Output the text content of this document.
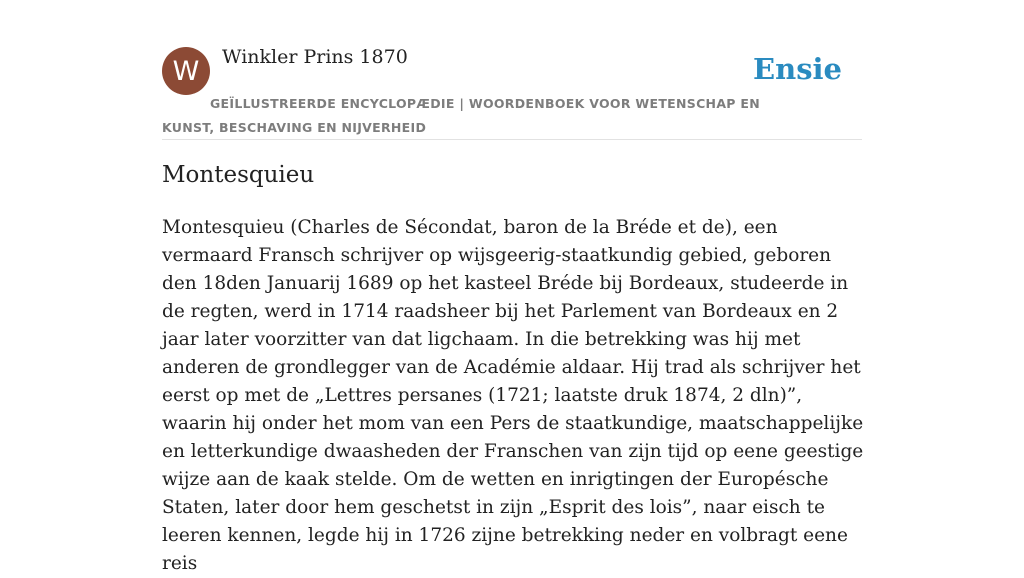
W	Winkler Prins 1870	Ensie
GEÏLLUSTREERDE ENCYCLOPÆDIE | WOORDENBOEK VOOR WETENSCHAP EN KUNST, BESCHAVING EN NIJVERHEID
Montesquieu

Montesquieu (Charles de Sécondat, baron de la Bréde et de), een vermaard Fransch schrijver op wijsgeerig-staatkundig gebied, geboren den 18den Januarij 1689 op het kasteel Bréde bij Bordeaux, studeerde in de regten, werd in 1714 raadsheer bij het Parlement van Bordeaux en 2 jaar later voorzitter van dat ligchaam. In die betrekking was hij met anderen de grondlegger van de Académie aldaar. Hij trad als schrijver het eerst op met de „Lettres persanes (1721; laatste druk 1874, 2 dln)”, waarin hij onder het mom van een Pers de staatkundige, maatschappelijke en letterkundige dwaasheden der Franschen van zijn tijd op eene geestige wijze aan de kaak stelde. Om de wetten en inrigtingen der Europésche Staten, later door hem geschetst in zijn „Esprit des lois”, naar eisch te leeren kennen, legde hij in 1726 zijne betrekking neder en volbragt eene reis
